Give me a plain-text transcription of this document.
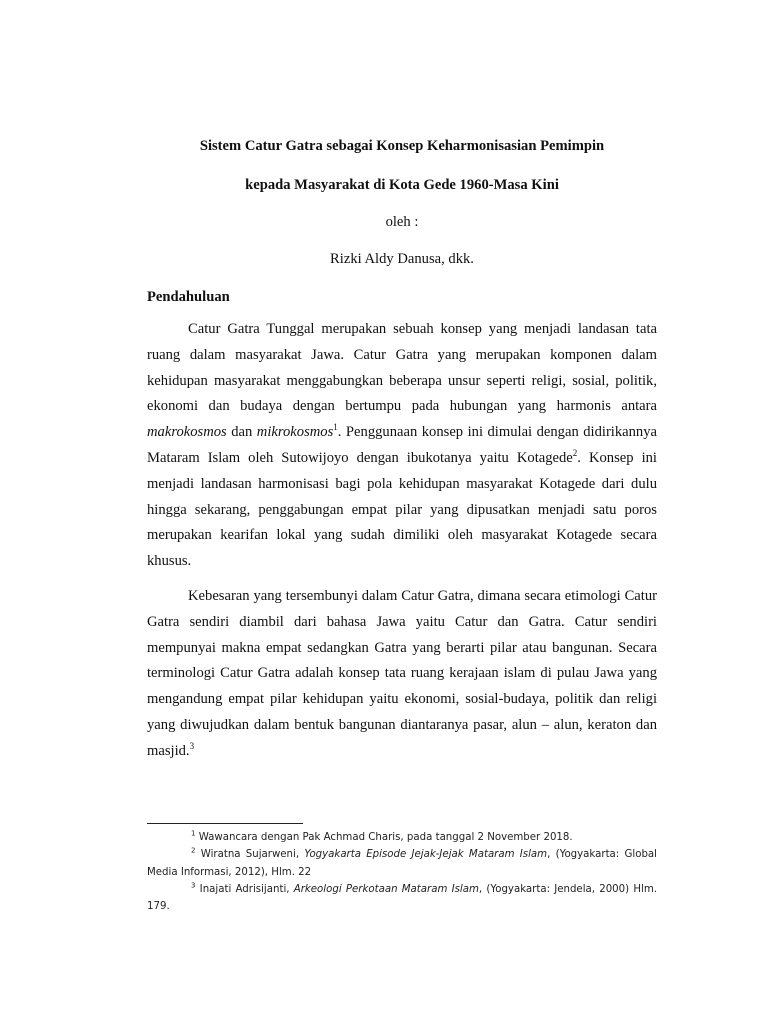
Sistem Catur Gatra sebagai Konsep Keharmonisasian Pemimpin

kepada Masyarakat di Kota Gede 1960-Masa Kini

oleh :

Rizki Aldy Danusa, dkk.

Pendahuluan

Catur Gatra Tunggal merupakan sebuah konsep yang menjadi landasan tata ruang dalam masyarakat Jawa. Catur Gatra yang merupakan komponen dalam kehidupan masyarakat menggabungkan beberapa unsur seperti religi, sosial, politik, ekonomi dan budaya dengan bertumpu pada hubungan yang harmonis antara makrokosmos dan mikrokosmos$^1$. Penggunaan konsep ini dimulai dengan didirikannya Mataram Islam oleh Sutowijoyo dengan ibukotanya yaitu Kotagede$^2$. Konsep ini menjadi landasan harmonisasi bagi pola kehidupan masyarakat Kotagede dari dulu hingga sekarang, penggabungan empat pilar yang dipusatkan menjadi satu poros merupakan kearifan lokal yang sudah dimiliki oleh masyarakat Kotagede secara khusus.

Kebesaran yang tersembunyi dalam Catur Gatra, dimana secara etimologi Catur Gatra sendiri diambil dari bahasa Jawa yaitu Catur dan Gatra. Catur sendiri mempunyai makna empat sedangkan Gatra yang berarti pilar atau bangunan. Secara terminologi Catur Gatra adalah konsep tata ruang kerajaan islam di pulau Jawa yang mengandung empat pilar kehidupan yaitu ekonomi, sosial-budaya, politik dan religi yang diwujudkan dalam bentuk bangunan diantaranya pasar, alun – alun, keraton dan masjid.$^3$

$^1$ Wawancara dengan Pak Achmad Charis, pada tanggal 2 November 2018.

$^2$ Wiratna Sujarweni, Yogyakarta Episode Jejak-Jejak Mataram Islam, (Yogyakarta: Global Media Informasi, 2012), Hlm. 22

$^3$ Inajati Adrisijanti, Arkeologi Perkotaan Mataram Islam, (Yogyakarta: Jendela, 2000) Hlm. 179.
